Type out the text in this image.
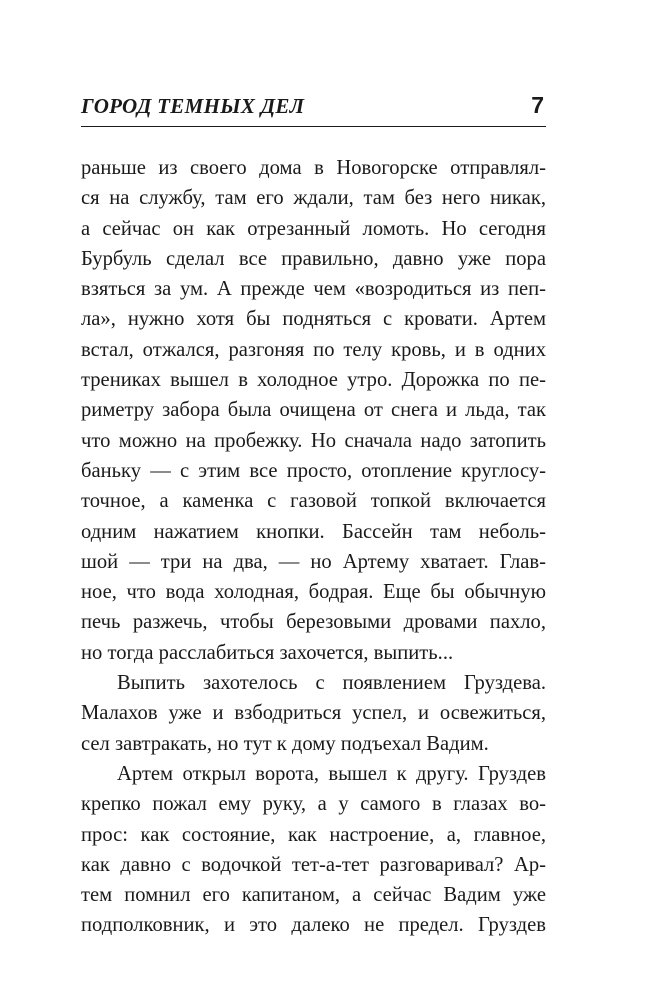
ГОРОД ТЕМНЫХ ДЕЛ	7
раньше из своего дома в Новогорске отправлял-
ся на службу, там его ждали, там без него никак,
а сейчас он как отрезанный ломоть. Но сегодня
Бурбуль сделал все правильно, давно уже пора
взяться за ум. А прежде чем «возродиться из пеп-
ла», нужно хотя бы подняться с кровати. Артем
встал, отжался, разгоняя по телу кровь, и в одних
трениках вышел в холодное утро. Дорожка по пе-
риметру забора была очищена от снега и льда, так
что можно на пробежку. Но сначала надо затопить
баньку — с этим все просто, отопление круглосу-
точное, а каменка с газовой топкой включается
одним нажатием кнопки. Бассейн там неболь-
шой — три на два, — но Артему хватает. Глав-
ное, что вода холодная, бодрая. Еще бы обычную
печь разжечь, чтобы березовыми дровами пахло,
но тогда расслабиться захочется, выпить...
Выпить захотелось с появлением Груздева.
Малахов уже и взбодриться успел, и освежиться,
сел завтракать, но тут к дому подъехал Вадим.
Артем открыл ворота, вышел к другу. Груздев
крепко пожал ему руку, а у самого в глазах во-
прос: как состояние, как настроение, а, главное,
как давно с водочкой тет-а-тет разговаривал? Ар-
тем помнил его капитаном, а сейчас Вадим уже
подполковник, и это далеко не предел. Груздев
